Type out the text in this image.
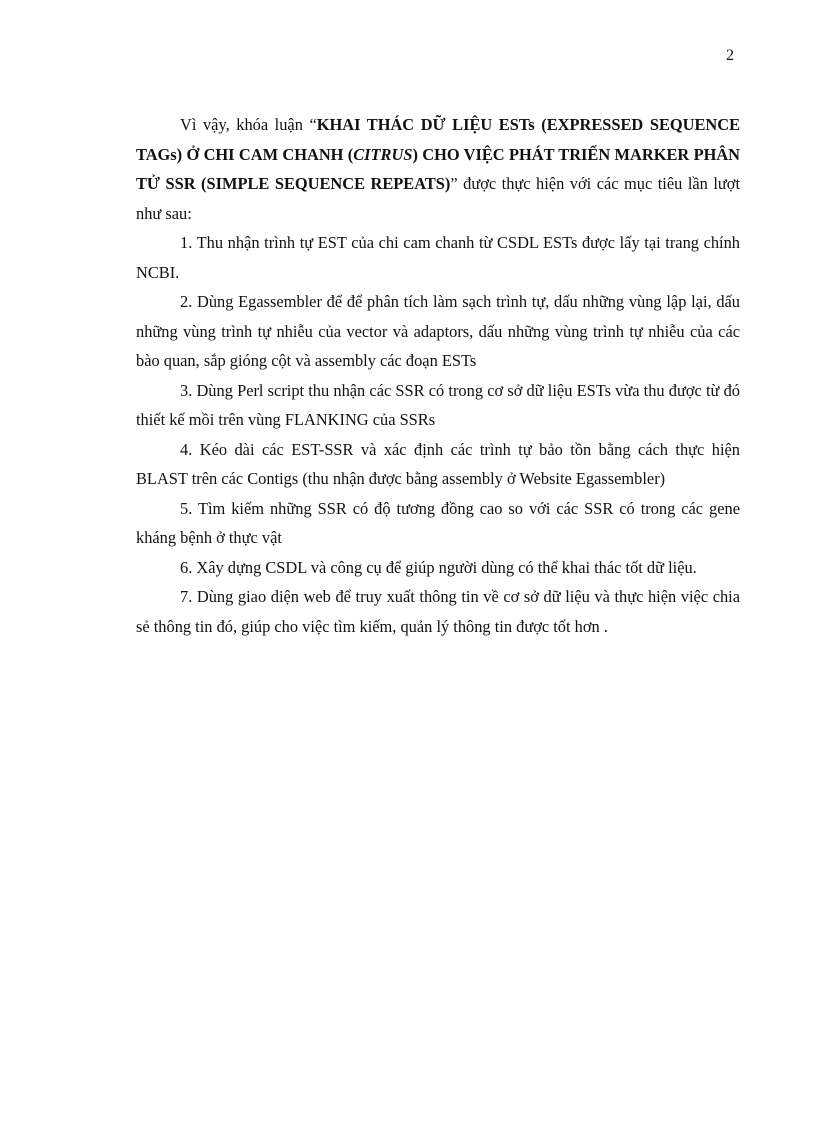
2

Vì vậy, khóa luận “KHAI THÁC DỮ LIỆU ESTs (EXPRESSED SEQUENCE TAGs) Ở CHI CAM CHANH (CITRUS) CHO VIỆC PHÁT TRIỂN MARKER PHÂN TỬ SSR (SIMPLE SEQUENCE REPEATS)” được thực hiện với các mục tiêu lần lượt như sau:

1. Thu nhận trình tự EST của chi cam chanh từ CSDL ESTs được lấy tại trang chính NCBI.

2. Dùng Egassembler để để phân tích làm sạch trình tự, dấu những vùng lập lại, dấu những vùng trình tự nhiễu của vector và adaptors, dấu những vùng trình tự nhiễu của các bào quan, sắp gióng cột và assembly các đoạn ESTs

3. Dùng Perl script thu nhận các SSR có trong cơ sở dữ liệu ESTs vừa thu được từ đó thiết kế mồi trên vùng FLANKING của SSRs

4. Kéo dài các EST-SSR và xác định các trình tự bảo tồn bằng cách thực hiện BLAST trên các Contigs (thu nhận được bằng assembly ở Website Egassembler)

5. Tìm kiếm những SSR có độ tương đồng cao so với các SSR có trong các gene kháng bệnh ở thực vật

6. Xây dựng CSDL và công cụ để giúp người dùng có thể khai thác tốt dữ liệu.

7. Dùng giao diện web để truy xuất thông tin về cơ sở dữ liệu và thực hiện việc chia sẻ thông tin đó, giúp cho việc tìm kiếm, quản lý thông tin được tốt hơn .
